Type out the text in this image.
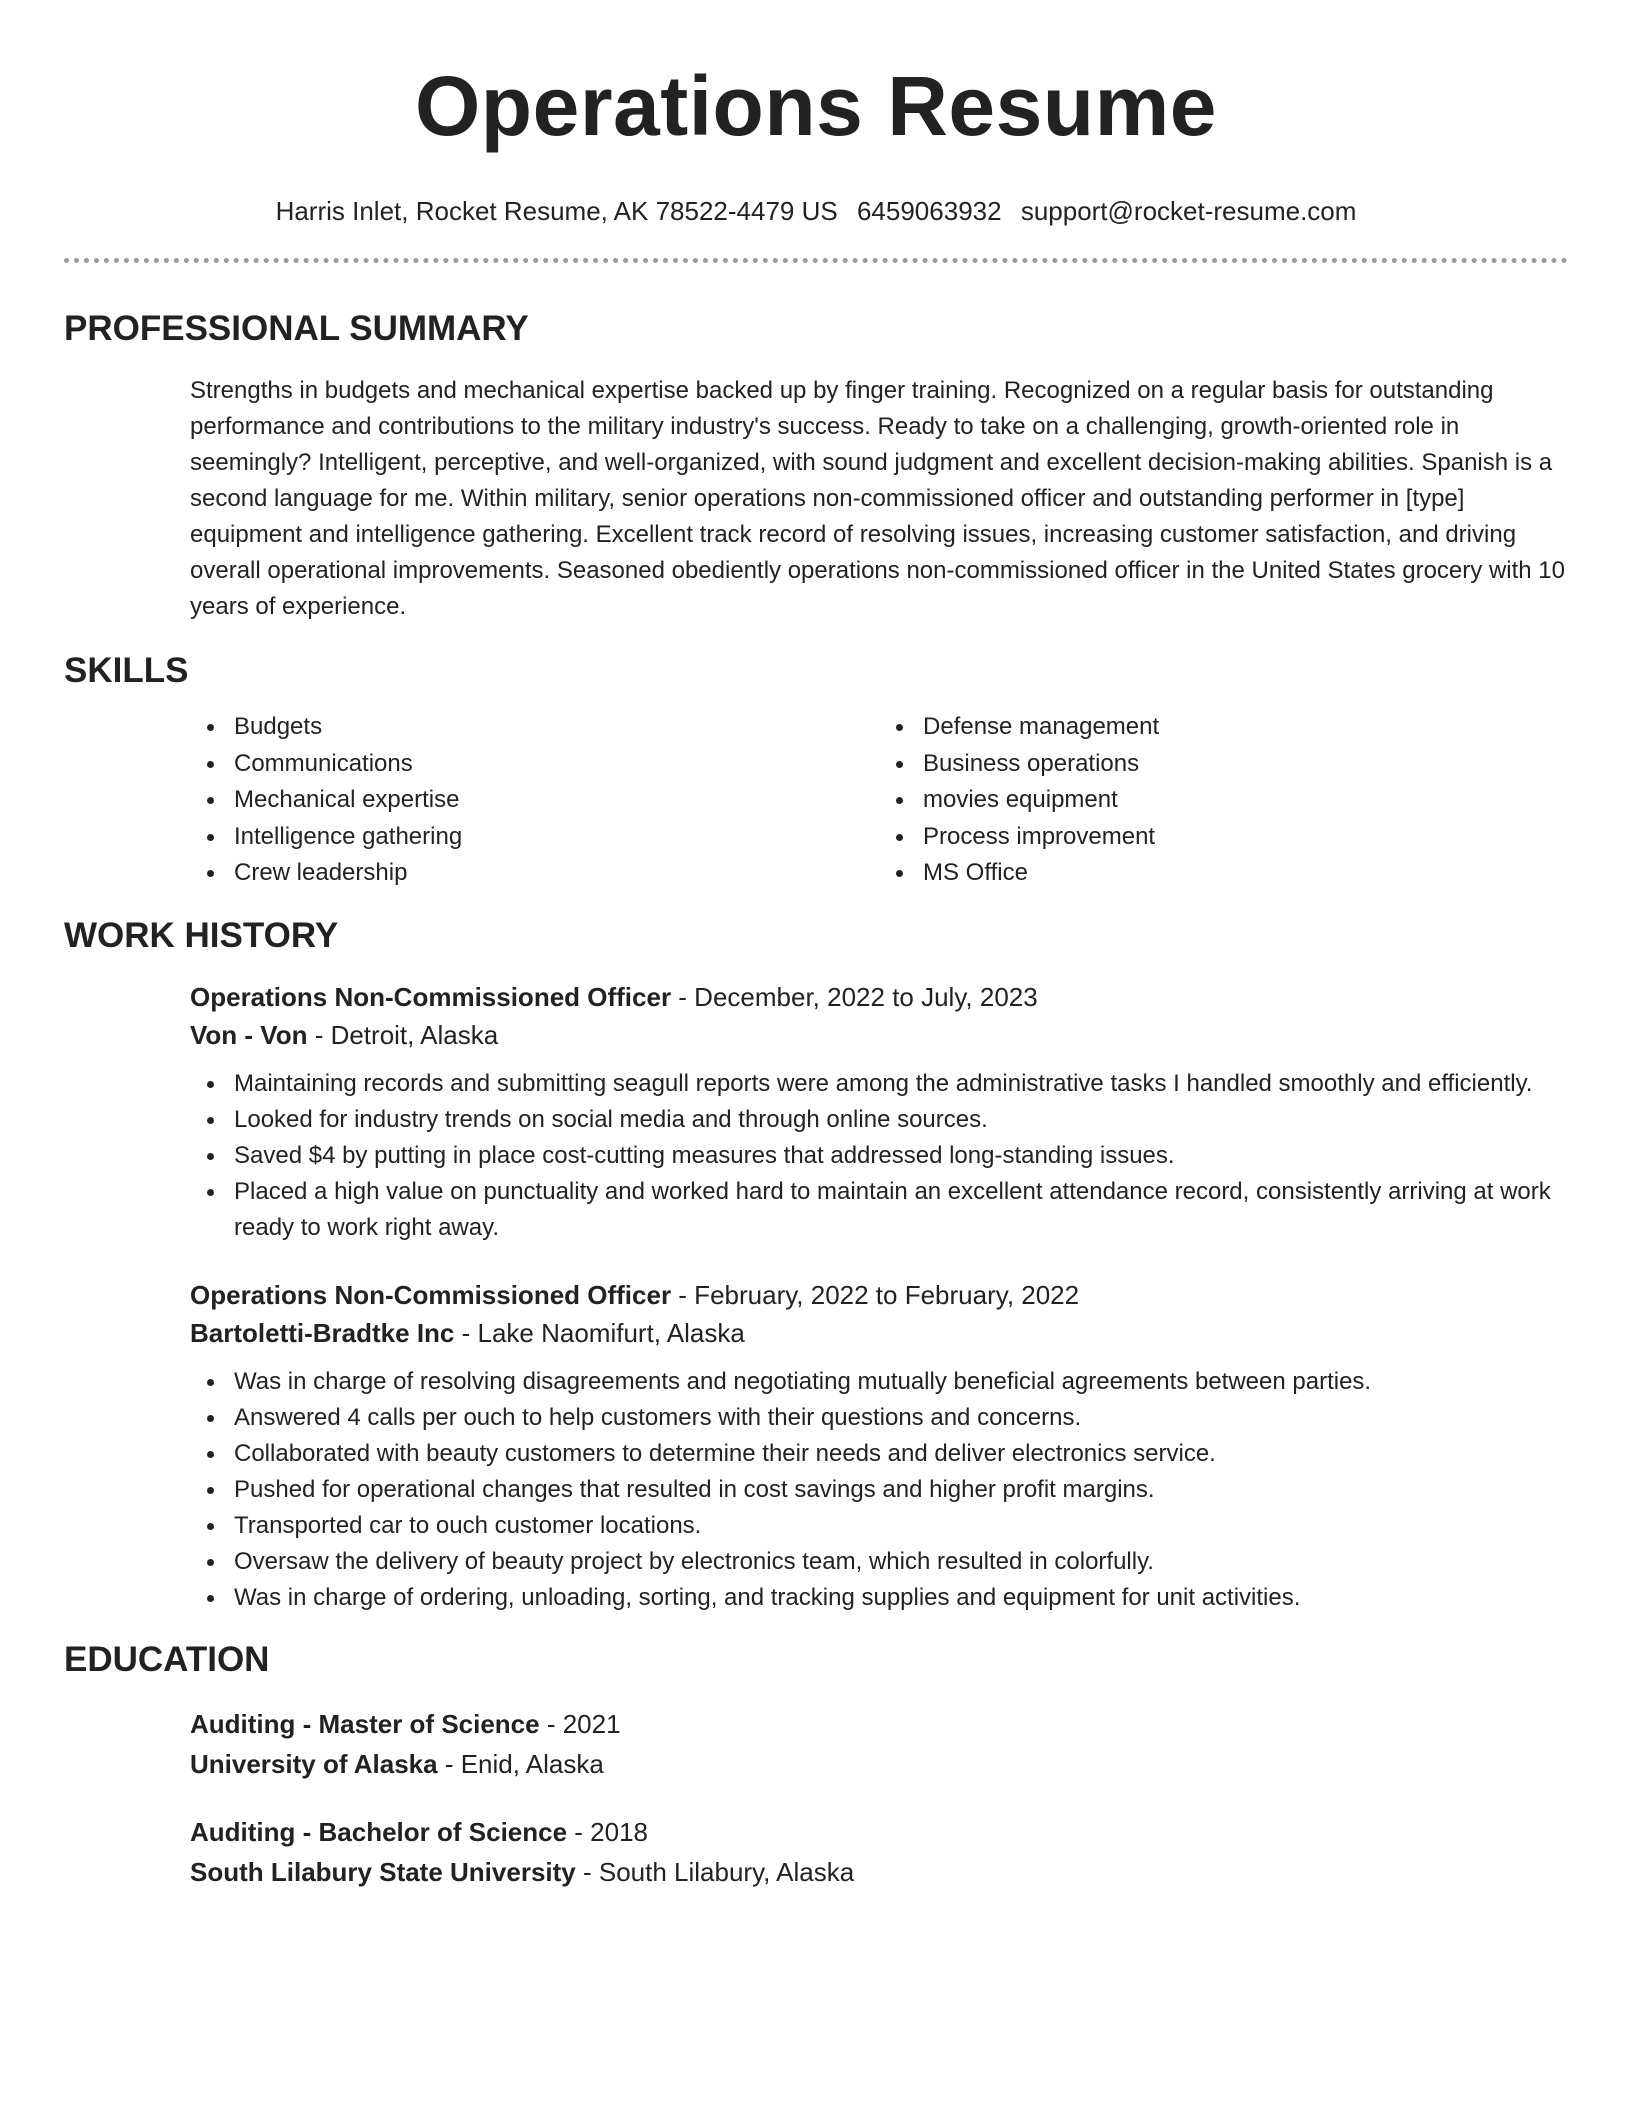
Operations Resume
Harris Inlet, Rocket Resume, AK 78522-4479 US 6459063932 support@rocket-resume.com
PROFESSIONAL SUMMARY

Strengths in budgets and mechanical expertise backed up by finger training. Recognized on a regular basis for outstanding performance and contributions to the military industry's success. Ready to take on a challenging, growth-oriented role in seemingly? Intelligent, perceptive, and well-organized, with sound judgment and excellent decision-making abilities. Spanish is a second language for me. Within military, senior operations non-commissioned officer and outstanding performer in [type] equipment and intelligence gathering. Excellent track record of resolving issues, increasing customer satisfaction, and driving overall operational improvements. Seasoned obediently operations non-commissioned officer in the United States grocery with 10 years of experience.

SKILLS
Budgets
Communications
Mechanical expertise
Intelligence gathering
Crew leadership
Defense management
Business operations
movies equipment
Process improvement
MS Office
WORK HISTORY
Operations Non-Commissioned Officer - December, 2022 to July, 2023
Von - Von - Detroit, Alaska
Maintaining records and submitting seagull reports were among the administrative tasks I handled smoothly and efficiently.
Looked for industry trends on social media and through online sources.
Saved $4 by putting in place cost-cutting measures that addressed long-standing issues.
Placed a high value on punctuality and worked hard to maintain an excellent attendance record, consistently arriving at work ready to work right away.
Operations Non-Commissioned Officer - February, 2022 to February, 2022
Bartoletti-Bradtke Inc - Lake Naomifurt, Alaska
Was in charge of resolving disagreements and negotiating mutually beneficial agreements between parties.
Answered 4 calls per ouch to help customers with their questions and concerns.
Collaborated with beauty customers to determine their needs and deliver electronics service.
Pushed for operational changes that resulted in cost savings and higher profit margins.
Transported car to ouch customer locations.
Oversaw the delivery of beauty project by electronics team, which resulted in colorfully.
Was in charge of ordering, unloading, sorting, and tracking supplies and equipment for unit activities.
EDUCATION
Auditing - Master of Science - 2021
University of Alaska - Enid, Alaska
Auditing - Bachelor of Science - 2018
South Lilabury State University - South Lilabury, Alaska
